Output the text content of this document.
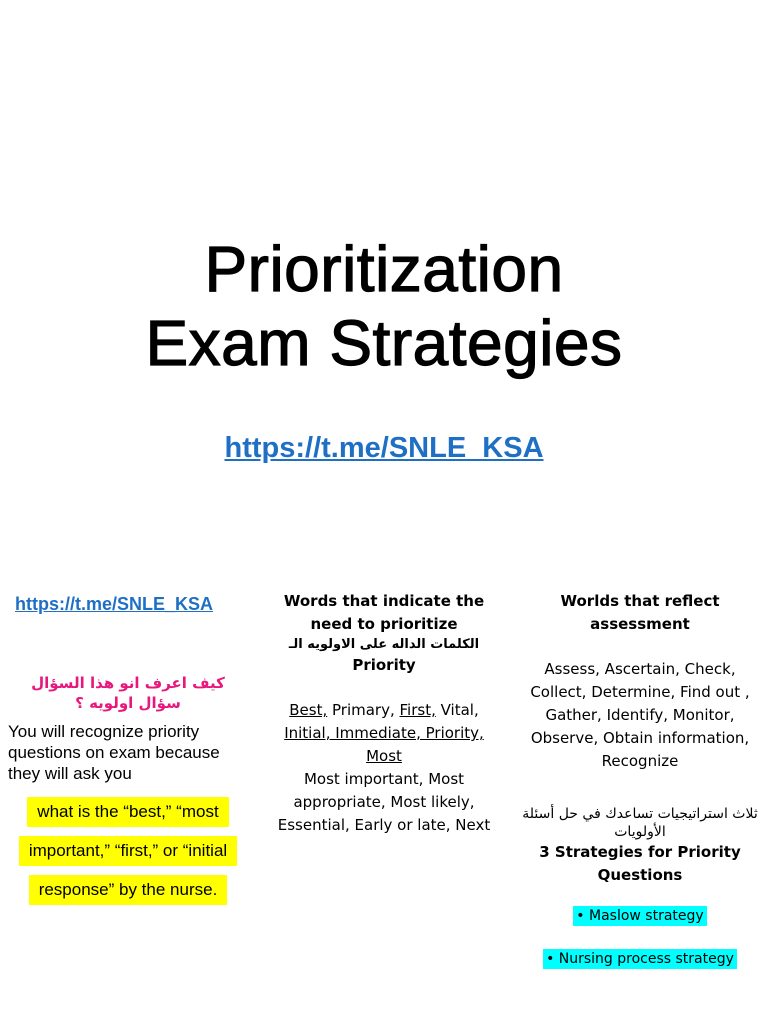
Prioritization
Exam Strategies
https://t.me/SNLE_KSA
https://t.me/SNLE_KSA
كيف اعرف انو هذا السؤال سؤال اولويه ؟
You will recognize priority questions on exam because they will ask you
what is the “best,” “most
important,” “first,” or “initial
response” by the nurse.
Words that indicate the need to prioritize
الكلمات الداله على الاولويه الـ
Priority
Best, Primary, First, Vital,
Initial, Immediate, Priority,
Most
Most important, Most appropriate, Most likely, Essential, Early or late, Next
Worlds that reflect assessment
Assess, Ascertain, Check, Collect, Determine, Find out , Gather, Identify, Monitor, Observe, Obtain information, Recognize
ثلاث استراتيجيات تساعدك في حل أسئلة الأولويات
3 Strategies for Priority Questions
• Maslow strategy
• Nursing process strategy
